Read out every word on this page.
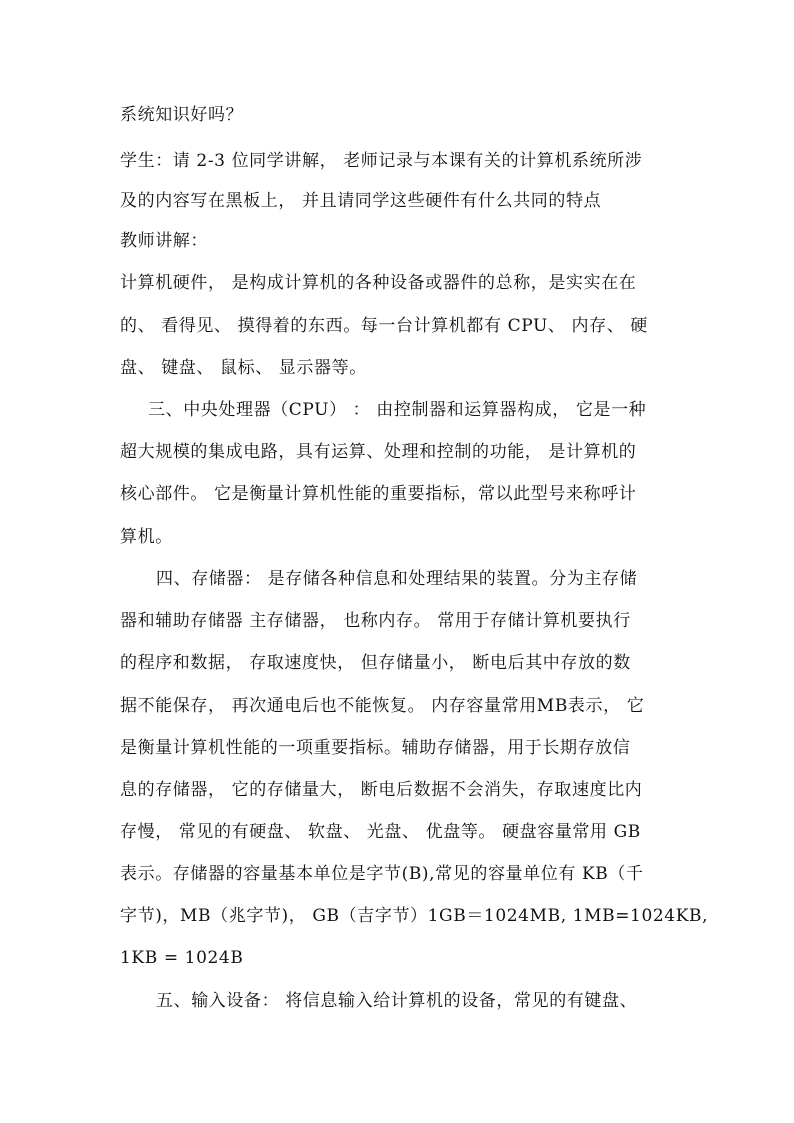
系统知识好吗？
学生：请 2-3 位同学讲解， 老师记录与本课有关的计算机系统所涉
及的内容写在黑板上， 并且请同学这些硬件有什么共同的特点
教师讲解：
计算机硬件， 是构成计算机的各种设备或器件的总称，是实实在在
的、 看得见、 摸得着的东西。每一台计算机都有 CPU、 内存、 硬
盘、 键盘、 鼠标、 显示器等。
三、中央处理器（CPU） ： 由控制器和运算器构成， 它是一种
超大规模的集成电路，具有运算、处理和控制的功能， 是计算机的
核心部件。 它是衡量计算机性能的重要指标，常以此型号来称呼计
算机。
四、存储器： 是存储各种信息和处理结果的装置。分为主存储
器和辅助存储器 主存储器， 也称内存。 常用于存储计算机要执行
的程序和数据， 存取速度快， 但存储量小， 断电后其中存放的数
据不能保存， 再次通电后也不能恢复。 内存容量常用MB表示， 它
是衡量计算机性能的一项重要指标。辅助存储器，用于长期存放信
息的存储器， 它的存储量大， 断电后数据不会消失，存取速度比内
存慢， 常见的有硬盘、 软盘、 光盘、 优盘等。 硬盘容量常用 GB
表示。存储器的容量基本单位是字节(B),常见的容量单位有 KB（千
字节)，MB（兆字节)， GB（吉字节）1GB＝1024MB, 1MB=1024KB,
1KB = 1024B
五、输入设备： 将信息输入给计算机的设备，常见的有键盘、
